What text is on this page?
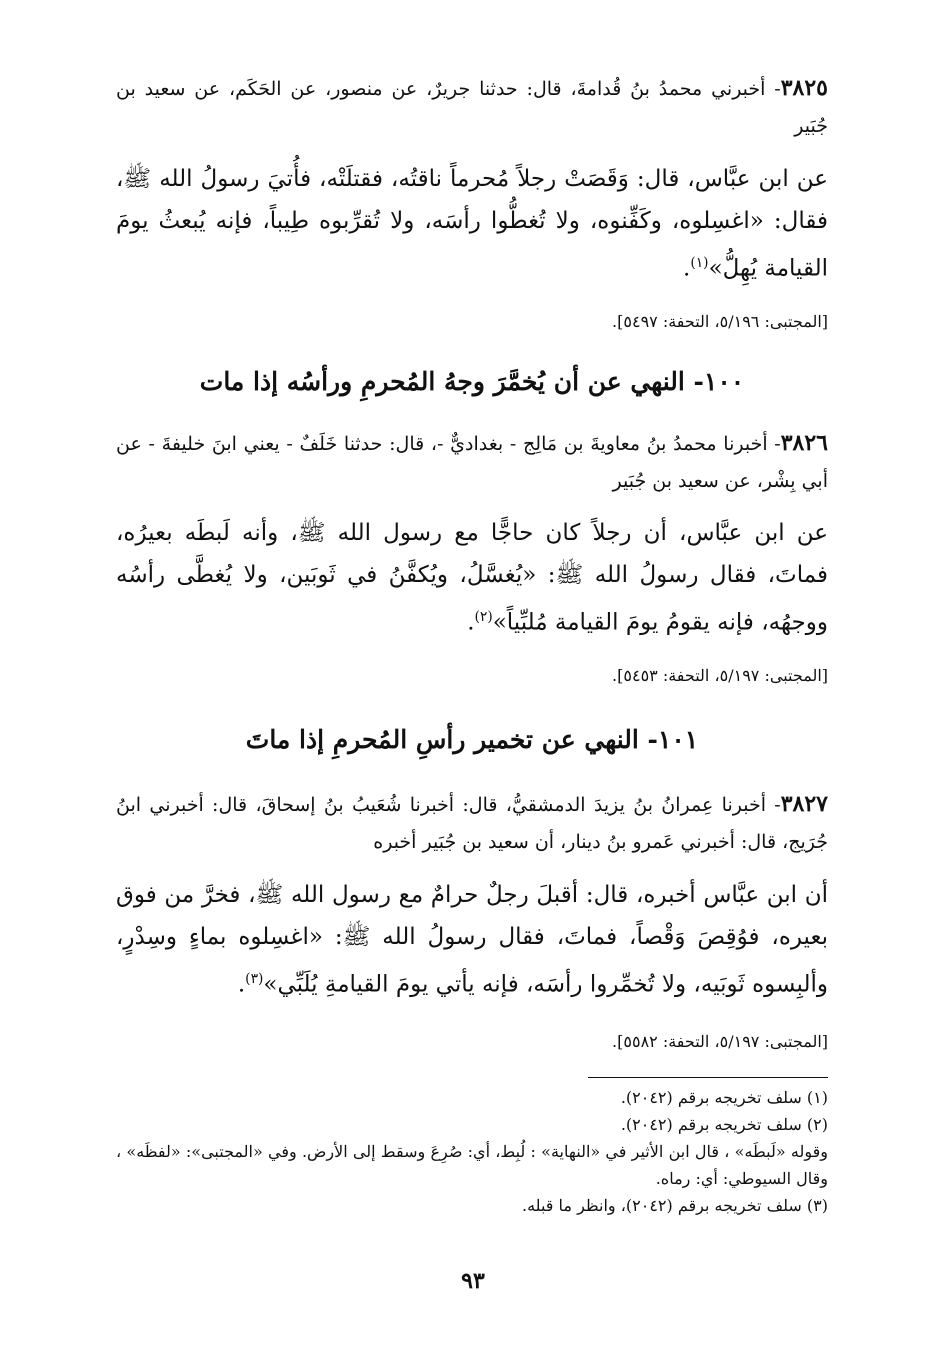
٣٨٢٥- أخبرني محمدُ بنُ قُدامةَ، قال: حدثنا جريرٌ، عن منصور، عن الحَكَم، عن سعيد بن جُبَير
عن ابن عبَّاس، قال: وَقَصَتْ رجلاً مُحرماً ناقتُه، فقتلَتْه، فأُتيَ رسولُ الله ﷺ، فقال: «اغسِلوه، وكَفِّنوه، ولا تُغطُّوا رأسَه، ولا تُقرِّبوه طِيباً، فإنه يُبعثُ يومَ القيامة يُهِلُّ»$^{(١)}$.
[المجتبى: ٥/١٩٦، التحفة: ٥٤٩٧].
١٠٠- النهي عن أن يُخمَّرَ وجهُ المُحرمِ ورأسُه إذا مات
٣٨٢٦- أخبرنا محمدُ بنُ معاويةَ بن مَالِج - بغداديٌّ -، قال: حدثنا خَلَفٌ - يعني ابنَ خليفةَ - عن أبي بِشْر، عن سعيد بن جُبَير
عن ابن عبَّاس، أن رجلاً كان حاجًّا مع رسول الله ﷺ، وأنه لَبطَه بعيرُه، فماتَ، فقال رسولُ الله ﷺ: «يُغسَّلُ، ويُكفَّنُ في ثَوبَين، ولا يُغطَّى رأسُه ووجهُه، فإنه يقومُ يومَ القيامة مُلبِّياً»$^{(٢)}$.
[المجتبى: ٥/١٩٧، التحفة: ٥٤٥٣].
١٠١- النهي عن تخمير رأسِ المُحرمِ إذا ماتَ
٣٨٢٧- أخبرنا عِمرانُ بنُ يزيدَ الدمشقيُّ، قال: أخبرنا شُعَيبُ بنُ إسحاقَ، قال: أخبرني ابنُ جُرَيج، قال: أخبرني عَمرو بنُ دينار، أن سعيد بن جُبَير أخبره
أن ابن عبَّاس أخبره، قال: أقبلَ رجلٌ حرامٌ مع رسول الله ﷺ، فخرَّ من فوق بعيره، فوُقِصَ وَقْصاً، فماتَ، فقال رسولُ الله ﷺ: «اغسِلوه بماءٍ وسِدْرٍ، وألبِسوه ثَوبَيه، ولا تُخمِّروا رأسَه، فإنه يأتي يومَ القيامةِ يُلَبِّي»$^{(٣)}$.
[المجتبى: ٥/١٩٧، التحفة: ٥٥٨٢].
(١) سلف تخريجه برقم (٢٠٤٢).
(٢) سلف تخريجه برقم (٢٠٤٢).
وقوله «لَبطَه» ، قال ابن الأثير في «النهاية» : لُبِط، أي: صُرِعَ وسقط إلى الأرض. وفي «المجتبى»: «لفظَه» ، وقال السيوطي: أي: رماه.
(٣) سلف تخريجه برقم (٢٠٤٢)، وانظر ما قبله.
٩٣
